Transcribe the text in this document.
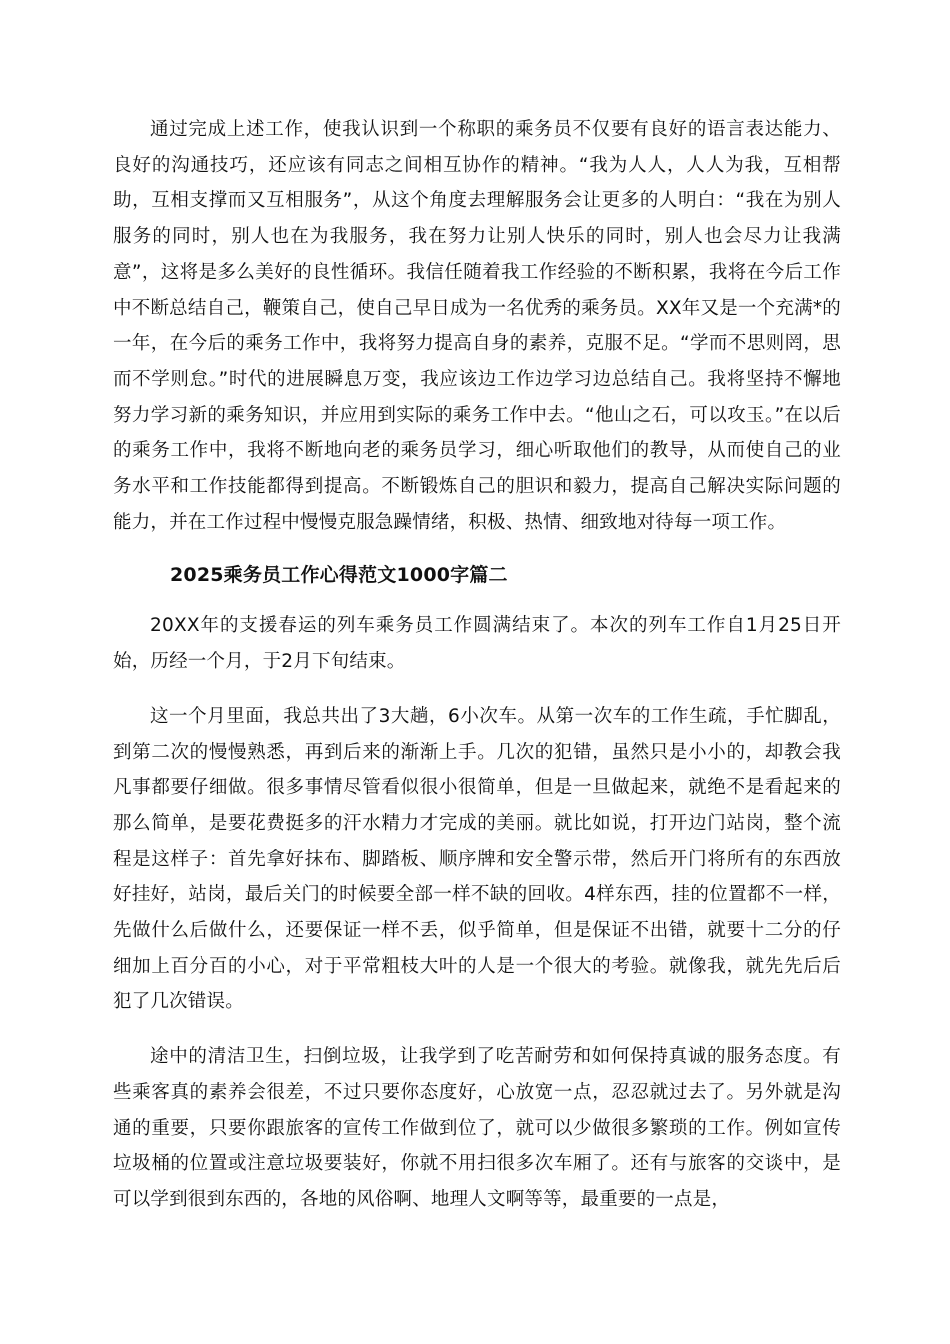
通过完成上述工作，使我认识到一个称职的乘务员不仅要有良好的语言表达能力、良好的沟通技巧，还应该有同志之间相互协作的精神。“我为人人，人人为我，互相帮助，互相支撑而又互相服务”，从这个角度去理解服务会让更多的人明白：“我在为别人服务的同时，别人也在为我服务，我在努力让别人快乐的同时，别人也会尽力让我满意”，这将是多么美好的良性循环。我信任随着我工作经验的不断积累，我将在今后工作中不断总结自己，鞭策自己，使自己早日成为一名优秀的乘务员。XX年又是一个充满*的一年，在今后的乘务工作中，我将努力提高自身的素养，克服不足。“学而不思则罔，思而不学则怠。”时代的进展瞬息万变，我应该边工作边学习边总结自己。我将坚持不懈地努力学习新的乘务知识，并应用到实际的乘务工作中去。“他山之石，可以攻玉。”在以后的乘务工作中，我将不断地向老的乘务员学习，细心听取他们的教导，从而使自己的业务水平和工作技能都得到提高。不断锻炼自己的胆识和毅力，提高自己解决实际问题的能力，并在工作过程中慢慢克服急躁情绪，积极、热情、细致地对待每一项工作。

2025乘务员工作心得范文1000字篇二

20XX年的支援春运的列车乘务员工作圆满结束了。本次的列车工作自1月25日开始，历经一个月，于2月下旬结束。

这一个月里面，我总共出了3大趟，6小次车。从第一次车的工作生疏，手忙脚乱，到第二次的慢慢熟悉，再到后来的渐渐上手。几次的犯错，虽然只是小小的，却教会我凡事都要仔细做。很多事情尽管看似很小很简单，但是一旦做起来，就绝不是看起来的那么简单，是要花费挺多的汗水精力才完成的美丽。就比如说，打开边门站岗，整个流程是这样子：首先拿好抹布、脚踏板、顺序牌和安全警示带，然后开门将所有的东西放好挂好，站岗，最后关门的时候要全部一样不缺的回收。4样东西，挂的位置都不一样，先做什么后做什么，还要保证一样不丢，似乎简单，但是保证不出错，就要十二分的仔细加上百分百的小心，对于平常粗枝大叶的人是一个很大的考验。就像我，就先先后后犯了几次错误。

途中的清洁卫生，扫倒垃圾，让我学到了吃苦耐劳和如何保持真诚的服务态度。有些乘客真的素养会很差，不过只要你态度好，心放宽一点，忍忍就过去了。另外就是沟通的重要，只要你跟旅客的宣传工作做到位了，就可以少做很多繁琐的工作。例如宣传垃圾桶的位置或注意垃圾要装好，你就不用扫很多次车厢了。还有与旅客的交谈中，是可以学到很到东西的，各地的风俗啊、地理人文啊等等，最重要的一点是，
